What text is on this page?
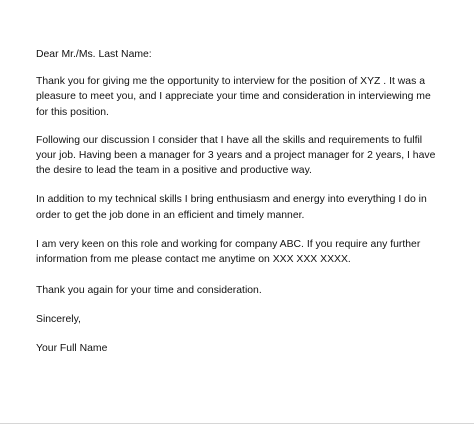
Dear Mr./Ms. Last Name:

Thank you for giving me the opportunity to interview for the position of XYZ . It was a pleasure to meet you, and I appreciate your time and consideration in interviewing me for this position.

Following our discussion I consider that I have all the skills and requirements to fulfil your job. Having been a manager for 3 years and a project manager for 2 years, I have the desire to lead the team in a positive and productive way.

In addition to my technical skills I bring enthusiasm and energy into everything I do in order to get the job done in an efficient and timely manner.

I am very keen on this role and working for company ABC. If you require any further information from me please contact me anytime on XXX XXX XXXX.

Thank you again for your time and consideration.

Sincerely,

Your Full Name
